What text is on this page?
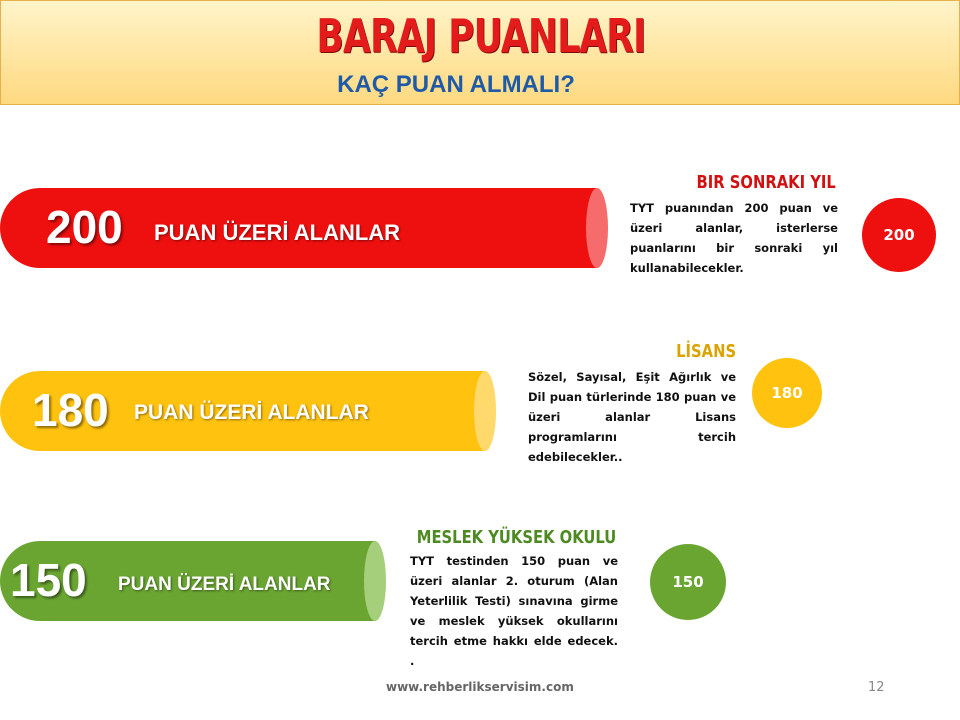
BARAJ PUANLARI
KAÇ PUAN ALMALI?
200 PUAN ÜZERİ ALANLAR
BIR SONRAKI YIL
TYT puanından 200 puan ve üzeri alanlar, isterlerse puanlarını bir sonraki yıl kullanabilecekler.
200
180 PUAN ÜZERİ ALANLAR
LİSANS
Sözel, Sayısal, Eşit Ağırlık ve Dil puan türlerinde 180 puan ve üzeri alanlar Lisans programlarını tercih edebilecekler..
180
150 PUAN ÜZERİ ALANLAR
MESLEK YÜKSEK OKULU
TYT testinden 150 puan ve üzeri alanlar 2. oturum (Alan Yeterlilik Testi) sınavına girme ve meslek yüksek okullarını tercih etme hakkı elde edecek. .
150
www.rehberlikservisim.com	12
